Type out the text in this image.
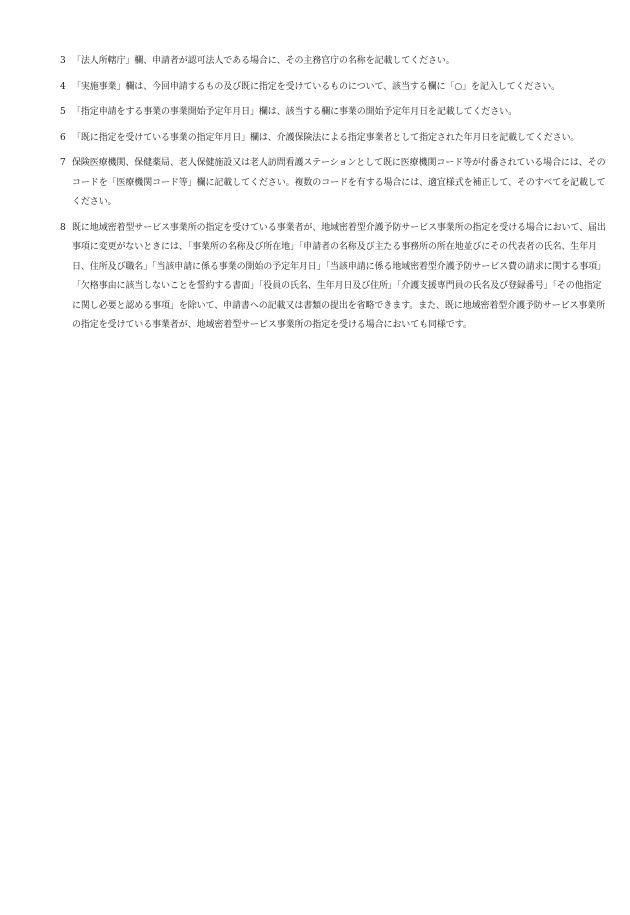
3 「法人所轄庁」欄、申請者が認可法人である場合に、その主務官庁の名称を記載してください。
4 「実施事業」欄は、今回申請するもの及び既に指定を受けているものについて、該当する欄に「○」を記入してください。
5 「指定申請をする事業の事業開始予定年月日」欄は、該当する欄に事業の開始予定年月日を記載してください。
6 「既に指定を受けている事業の指定年月日」欄は、介護保険法による指定事業者として指定された年月日を記載してください。
7 保険医療機関、保健薬局、老人保健施設又は老人訪問看護ステーションとして既に医療機関コード等が付番されている場合には、そのコードを「医療機関コード等」欄に記載してください。複数のコードを有する場合には、適宜様式を補正して、そのすべてを記載してください。
8 既に地域密着型サービス事業所の指定を受けている事業者が、地域密着型介護予防サービス事業所の指定を受ける場合において、届出事項に変更がないときには、「事業所の名称及び所在地」「申請者の名称及び主たる事務所の所在地並びにその代表者の氏名、生年月日、住所及び職名」「当該申請に係る事業の開始の予定年月日」「当該申請に係る地域密着型介護予防サービス費の請求に関する事項」「欠格事由に該当しないことを誓約する書面」「役員の氏名、生年月日及び住所」「介護支援専門員の氏名及び登録番号」「その他指定に関し必要と認める事項」を除いて、申請書への記載又は書類の提出を省略できます。また、既に地域密着型介護予防サービス事業所の指定を受けている事業者が、地域密着型サービス事業所の指定を受ける場合においても同様です。
